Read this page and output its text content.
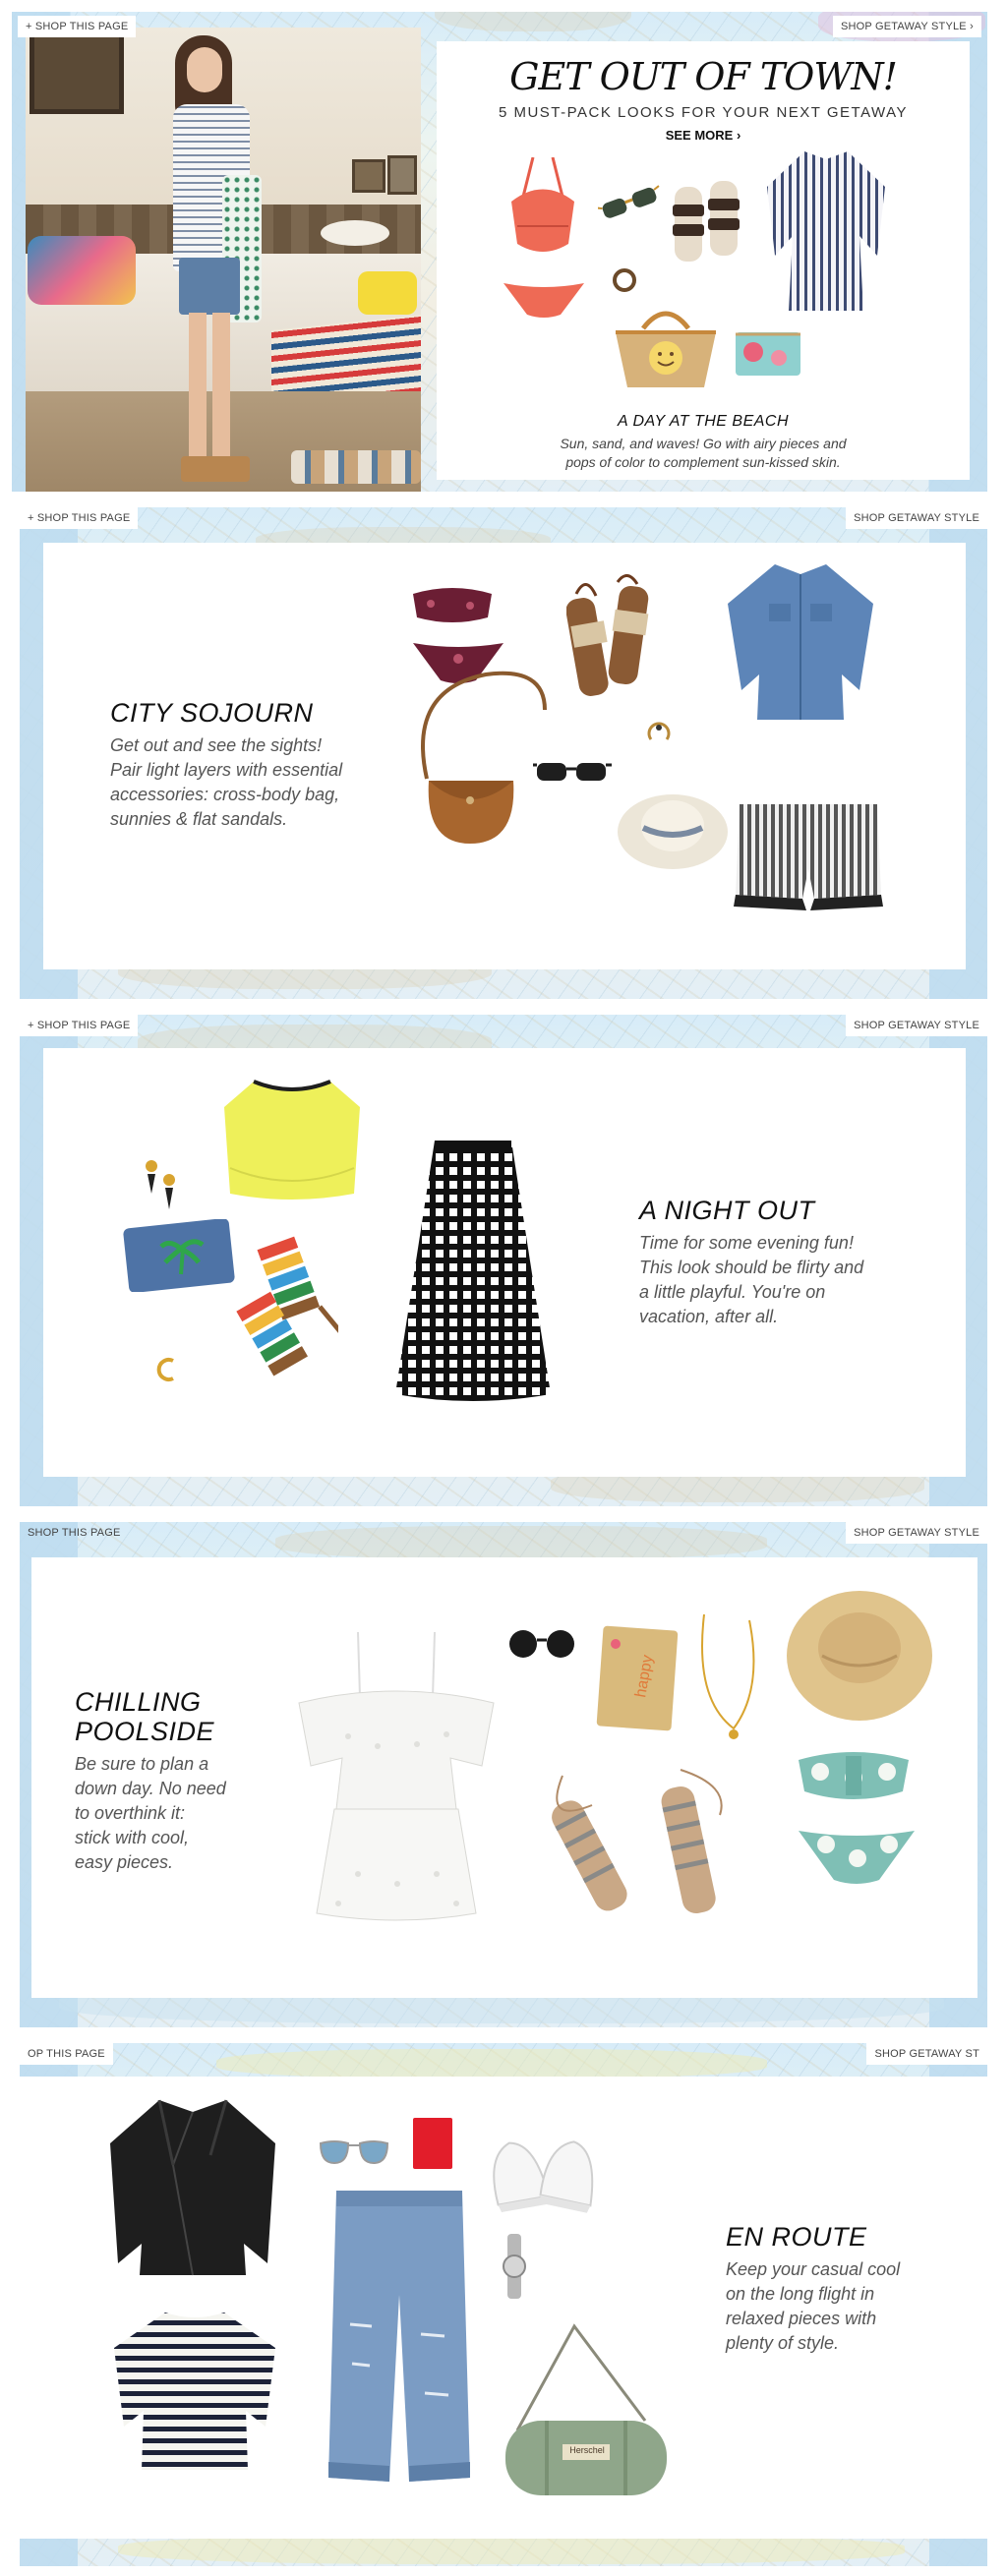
+ SHOP THIS PAGE	SHOP GETAWAY STYLE ›
GET OUT OF TOWN!
5 MUST-PACK LOOKS FOR YOUR NEXT GETAWAY
SEE MORE ›
A DAY AT THE BEACH
Sun, sand, and waves! Go with airy pieces and
pops of color to complement sun-kissed skin.
+ SHOP THIS PAGE	SHOP GETAWAY STYLE
CITY SOJOURN

Get out and see the sights!

Pair light layers with essential

accessories: cross-body bag,

sunnies & flat sandals.

+ SHOP THIS PAGE	SHOP GETAWAY STYLE
A NIGHT OUT

Time for some evening fun!

This look should be flirty and

a little playful. You're on

vacation, after all.

SHOP THIS PAGE	SHOP GETAWAY STYLE
CHILLING
POOLSIDE

Be sure to plan a

down day. No need

to overthink it:

stick with cool,

easy pieces.

happy
OP THIS PAGE	SHOP GETAWAY ST
Herschel
EN ROUTE

Keep your casual cool

on the long flight in

relaxed pieces with

plenty of style.
